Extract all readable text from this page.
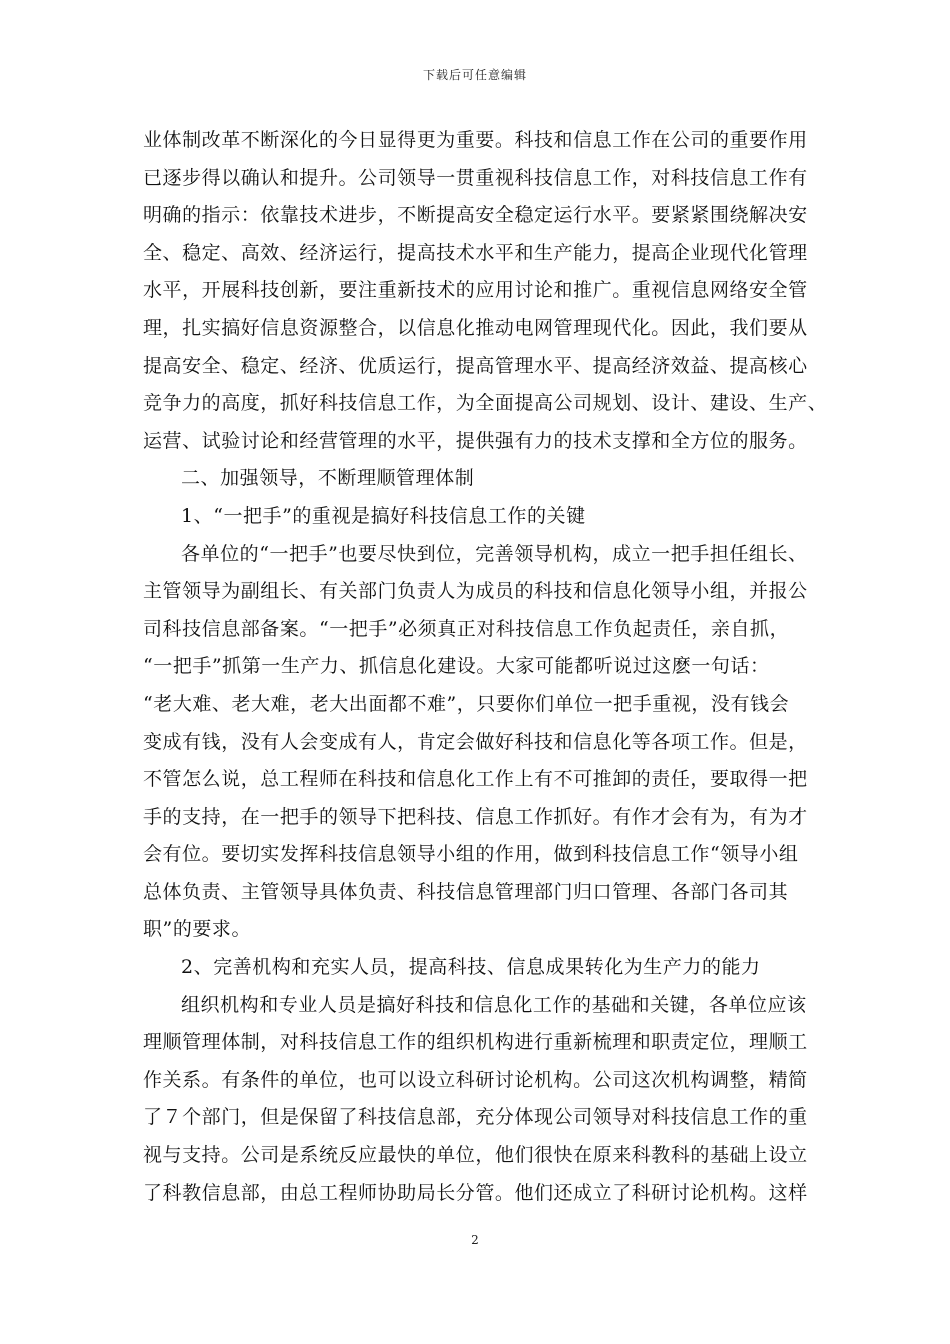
下载后可任意编辑
业体制改革不断深化的今日显得更为重要。科技和信息工作在公司的重要作用
已逐步得以确认和提升。公司领导一贯重视科技信息工作，对科技信息工作有
明确的指示：依靠技术进步，不断提高安全稳定运行水平。要紧紧围绕解决安
全、稳定、高效、经济运行，提高技术水平和生产能力，提高企业现代化管理
水平，开展科技创新，要注重新技术的应用讨论和推广。重视信息网络安全管
理，扎实搞好信息资源整合，以信息化推动电网管理现代化。因此，我们要从
提高安全、稳定、经济、优质运行，提高管理水平、提高经济效益、提高核心
竞争力的高度，抓好科技信息工作，为全面提高公司规划、设计、建设、生产、
运营、试验讨论和经营管理的水平，提供强有力的技术支撑和全方位的服务。
二、加强领导，不断理顺管理体制
1、“一把手”的重视是搞好科技信息工作的关键
各单位的“一把手”也要尽快到位，完善领导机构，成立一把手担任组长、
主管领导为副组长、有关部门负责人为成员的科技和信息化领导小组，并报公
司科技信息部备案。“一把手”必须真正对科技信息工作负起责任，亲自抓，
“一把手”抓第一生产力、抓信息化建设。大家可能都听说过这麽一句话：
“老大难、老大难，老大出面都不难”，只要你们单位一把手重视，没有钱会
变成有钱，没有人会变成有人，肯定会做好科技和信息化等各项工作。但是，
不管怎么说，总工程师在科技和信息化工作上有不可推卸的责任，要取得一把
手的支持，在一把手的领导下把科技、信息工作抓好。有作才会有为，有为才
会有位。要切实发挥科技信息领导小组的作用，做到科技信息工作“领导小组
总体负责、主管领导具体负责、科技信息管理部门归口管理、各部门各司其
职”的要求。
2、完善机构和充实人员，提高科技、信息成果转化为生产力的能力
组织机构和专业人员是搞好科技和信息化工作的基础和关键，各单位应该
理顺管理体制，对科技信息工作的组织机构进行重新梳理和职责定位，理顺工
作关系。有条件的单位，也可以设立科研讨论机构。公司这次机构调整，精简
了７个部门，但是保留了科技信息部，充分体现公司领导对科技信息工作的重
视与支持。公司是系统反应最快的单位，他们很快在原来科教科的基础上设立
了科教信息部，由总工程师协助局长分管。他们还成立了科研讨论机构。这样
2
